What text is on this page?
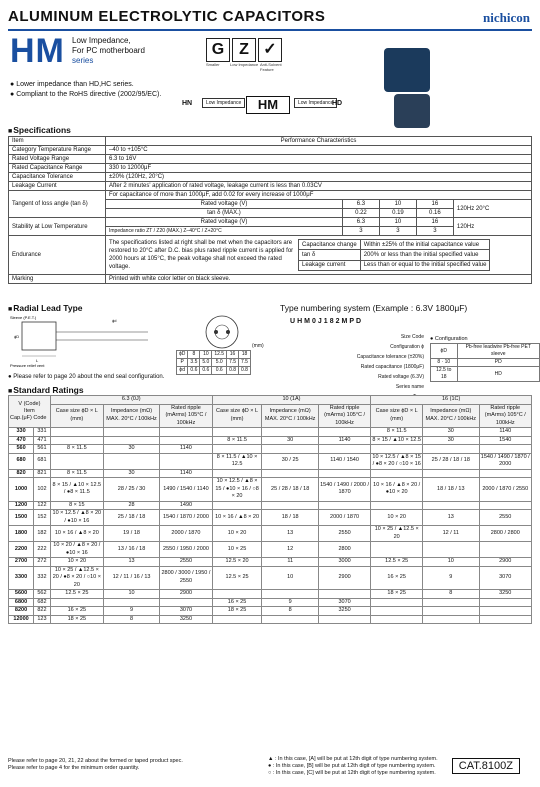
ALUMINUM ELECTROLYTIC CAPACITORS	nichicon
HM Low Impedance,
For PC motherboard
series
G Z ✓
Smaller	Low Impedance Anti-Solvent Feature
● Lower impedance than HD,HC series.
● Compliant to the RoHS directive (2002/95/EC).
HN	Low Impedance	HM	Low Impedance
HD
■ Specifications
Item	Performance Characteristics
Category Temperature Range	–40 to +105°C
Rated Voltage Range	6.3 to 16V
Rated Capacitance Range	330 to 12000μF
Capacitance Tolerance	±20% (120Hz, 20°C)
Leakage Current	After 2 minutes' application of rated voltage, leakage current is less than 0.03CV
Tangent of loss angle (tan δ)	For capacitance of more than 1000μF, add 0.02 for every increase of 1000μF
Rated voltage (V)	6.3	10	16	120Hz 20°C
tan δ (MAX.)	0.22	0.19	0.16
Stability at Low Temperature	Rated voltage (V)	6.3	10	16	120Hz
Impedance ratio ZT / Z20 (MAX.) Z–40°C / Z+20°C	3	3	3
Endurance	
The specifications listed at right shall be met when the capacitors are restored to 20°C after D.C. bias plus rated ripple current is applied for 2000 hours at 105°C, the peak voltage shall not exceed the rated voltage.
Capacitance change	Within ±25% of the initial capacitance value
tan δ	200% or less than the initial specified value
Leakage current	Less than or equal to the initial specified value

Marking	Printed with white color letter on black sleeve.
■ Radial Lead Type
Sleeve (P.E.T.)
ϕd
ϕD
L
Pressure relief vent
(mm)
ϕD	8	10	12.5	16	18
P	3.5	5.0	5.0	7.5	7.5
ϕd	0.6	0.6	0.6	0.8	0.8
● Please refer to page 20 about the end seal configuration.
Type numbering system (Example : 6.3V 1800μF)
UHM0J182MPD
Size Code
Configuration ϕ
Capacitance tolerance (±20%)
Rated capacitance (1800μF)
Rated voltage (6.3V)
Series name
● Configuration
ϕD	Pb-free leadwire Pb-free PET sleeve
8 · 10	PD
12.5 to 18	HD
■ Standard Ratings
V (Code)
Item
Cap.(μF) Code		6.3 (0J)			10 (1A)			16 (1C)		
		Case size ϕD × L (mm)	Impedance (mΩ) MAX. 20°C / 100kHz	Rated ripple (mArms) 105°C / 100kHz	Case size ϕD × L (mm)	Impedance (mΩ) MAX. 20°C / 100kHz	Rated ripple (mArms) 105°C / 100kHz	Case size ϕD × L (mm)	Impedance (mΩ) MAX. 20°C / 100kHz	Rated ripple (mArms) 105°C / 100kHz
330	331							8 × 11.5	30	1140
470	471				8 × 11.5	30	1140	8 × 15 / ▲10 × 12.5	30	1540
560	561	8 × 11.5	30	1140						
680	681				8 × 11.5 / ▲10 × 12.5	30 / 25	1140 / 1540	10 × 12.5 / ▲8 × 15 / ●8 × 20 / ○10 × 16	25 / 28 / 18 / 18	1540 / 1490 / 1870 / 2000
820	821	8 × 11.5	30	1140						
1000	102	8 × 15 / ▲10 × 12.5 / ●8 × 11.5	28 / 25 / 30	1490 / 1540 / 1140	10 × 12.5 / ▲8 × 15 / ●10 × 16 / ○8 × 20	25 / 28 / 18 / 18	1540 / 1490 / 2000 / 1870	10 × 16 / ▲8 × 20 / ●10 × 20	18 / 18 / 13	2000 / 1870 / 2550
1200	122	8 × 15	28	1490						
1500	152	10 × 12.5 / ▲8 × 20 / ●10 × 16	25 / 18 / 18	1540 / 1870 / 2000	10 × 16 / ▲8 × 20	18 / 18	2000 / 1870	10 × 20	13	2550
1800	182	10 × 16 / ▲8 × 20	19 / 18	2000 / 1870	10 × 20	13	2550	10 × 25 / ▲12.5 × 20	12 / 11	2800 / 2800
2200	222	10 × 20 / ▲8 × 20 / ●10 × 16	13 / 16 / 18	2550 / 1950 / 2000	10 × 25	12	2800			
2700	272	10 × 20	13	2550	12.5 × 20	11	3000	12.5 × 25	10	2900
3300	332	10 × 25 / ▲12.5 × 20 / ●8 × 20 / ○10 × 20	12 / 11 / 16 / 13	2800 / 3000 / 1950 / 2550	12.5 × 25	10	2900	16 × 25	9	3070
5600	562	12.5 × 25	10	2900				18 × 25	8	3250
6800	682				16 × 25	9	3070			
8200	822	16 × 25	9	3070	18 × 25	8	3250			
12000	123	18 × 25	8	3250						
Please refer to page 20, 21, 22 about the formed or taped product spec.
Please refer to page 4 for the minimum order quantity.
▲ : In this case, [A] will be put at 12th digit of type numbering system.
● : In this case, [B] will be put at 12th digit of type numbering system.
○ : In this case, [C] will be put at 12th digit of type numbering system.
CAT.8100Z
